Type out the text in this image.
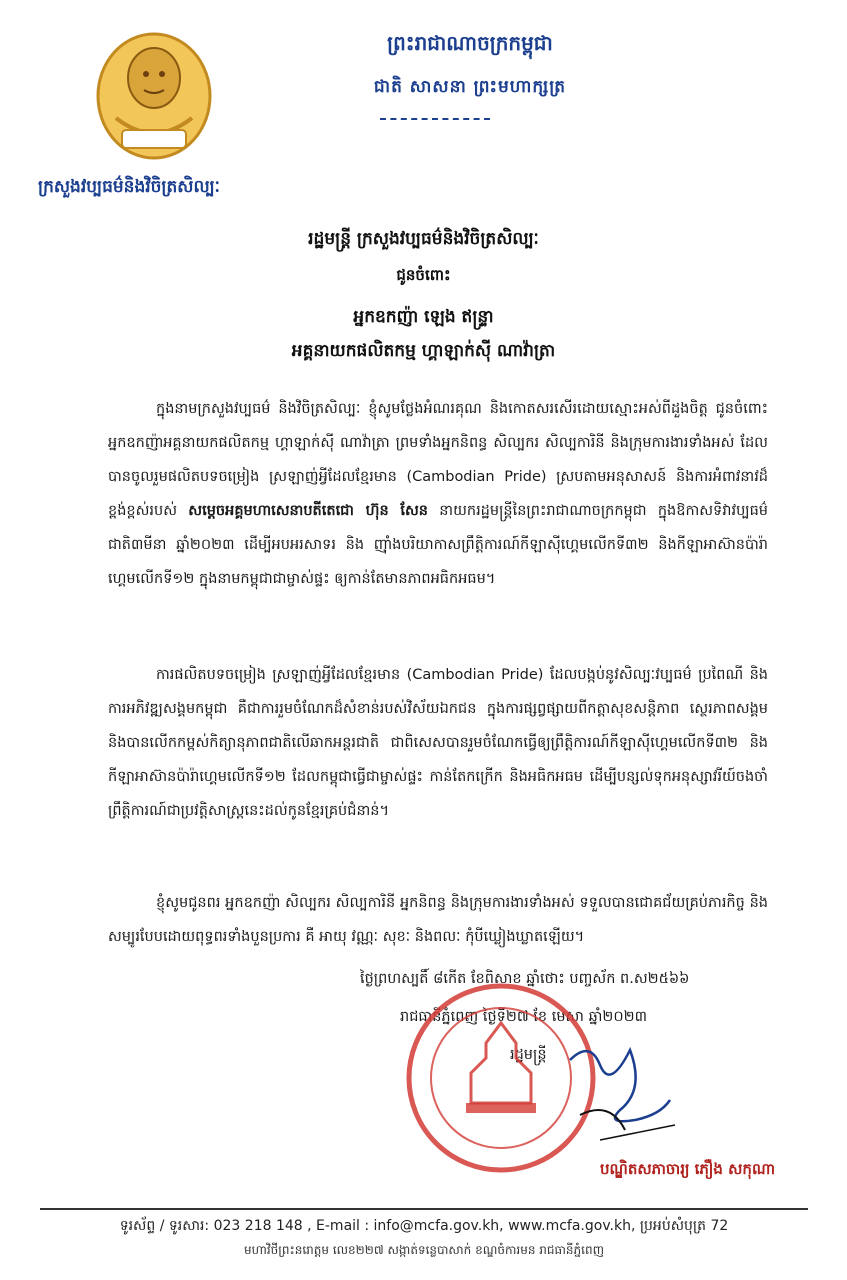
ក្រសួងវប្បធម៌និងវិចិត្រសិល្បៈ
ព្រះរាជាណាចក្រកម្ពុជា
ជាតិ សាសនា ព្រះមហាក្សត្រ
រដ្ឋមន្ត្រី ក្រសួងវប្បធម៌និងវិចិត្រសិល្បៈ
ជូនចំពោះ
អ្នកឧកញ៉ា ឡេង ឥន្រ្ទា
អគ្គនាយកផលិតកម្ម ហ្គាឡាក់ស៊ី ណាវ៉ាត្រា
ក្នុងនាមក្រសួងវប្បធម៌ និងវិចិត្រសិល្បៈ ខ្ញុំសូមថ្លែងអំណរគុណ និងកោតសរសើរដោយស្មោះអស់ពីដួងចិត្ត ជូនចំពោះ អ្នកឧកញ៉ាអគ្គនាយកផលិតកម្ម ហ្គាឡាក់ស៊ី ណាវ៉ាត្រា ព្រមទាំងអ្នកនិពន្ធ សិល្បករ សិល្បការិនី និងក្រុមការងារទាំងអស់ ដែលបានចូលរួមផលិតបទចម្រៀង ស្រឡាញ់អ្វីដែលខ្មែរមាន (Cambodian Pride) ស្របតាមអនុសាសន៍ និងការអំពាវនាវដ៏ខ្ពង់ខ្ពស់របស់ សម្តេចអគ្គមហាសេនាបតីតេជោ ហ៊ុន សែន នាយករដ្ឋមន្ត្រីនៃព្រះរាជាណាចក្រកម្ពុជា ក្នុងឱកាសទិវាវប្បធម៌ជាតិ៣មីនា ឆ្នាំ២០២៣ ដើម្បីអបអរសាទរ និង ញ៉ាំងបរិយាកាសព្រឹត្តិការណ៍កីឡាស៊ីហ្គេមលើកទី៣២ និងកីឡាអាស៊ានប៉ារ៉ាហ្គេមលើកទី១២ ក្នុងនាមកម្ពុជាជាម្ចាស់ផ្ទះ ឲ្យកាន់តែមានភាពអធិកអធម។
ការផលិតបទចម្រៀង ស្រឡាញ់អ្វីដែលខ្មែរមាន (Cambodian Pride) ដែលបង្កប់នូវសិល្បៈវប្បធម៌ ប្រពៃណី និងការអភិវឌ្ឍសង្គមកម្ពុជា គឺជាការរួមចំណែកដ៏សំខាន់របស់វិស័យឯកជន ក្នុងការផ្សព្វផ្សាយពីកត្តាសុខសន្តិភាព ស្ថេរភាពសង្គម និងបានលើកកម្ពស់កិត្យានុភាពជាតិលើឆាកអន្តរជាតិ ជាពិសេសបានរួមចំណែកធ្វើឲ្យព្រឹត្តិការណ៍កីឡាស៊ីហ្គេមលើកទី៣២ និងកីឡាអាស៊ានប៉ារ៉ាហ្គេមលើកទី១២ ដែលកម្ពុជាធ្វើជាម្ចាស់ផ្ទះ កាន់តែកក្រើក និងអធិកអធម ដើម្បីបន្សល់ទុកអនុស្សាវរីយ៍ចងចាំព្រឹត្តិការណ៍ជាប្រវត្តិសាស្ត្រនេះដល់កូនខ្មែរគ្រប់ជំនាន់។
ខ្ញុំសូមជូនពរ អ្នកឧកញ៉ា សិល្បករ សិល្បការិនី អ្នកនិពន្ធ និងក្រុមការងារទាំងអស់ ទទួលបានជោគជ័យគ្រប់ភារកិច្ច និងសម្បូរបែបដោយពុទ្ធពរទាំងបួនប្រការ គឺ អាយុ វណ្ណៈ សុខៈ និងពលៈ កុំបីឃ្លៀងឃ្លាតឡើយ។
ថ្ងៃព្រហស្បតិ៍ ៨កើត ខែពិសាខ ឆ្នាំថោះ បញ្ចស័ក ព.ស២៥៦៦
រាជធានីភ្នំពេញ ថ្ងៃទី២៧ ខែ មេសា ឆ្នាំ២០២៣
រដ្ឋមន្ត្រី
បណ្ឌិតសភាចារ្យ ភឿង សកុណា
ទូរស័ព្ទ / ទូរសារ: 023 218 148 , E-mail : info@mcfa.gov.kh, www.mcfa.gov.kh, ប្រអប់សំបុត្រ 72
មហាវិថីព្រះនរោត្តម លេខ២២៧ សង្កាត់ទន្លេបាសាក់ ខណ្ឌចំការមន រាជធានីភ្នំពេញ
